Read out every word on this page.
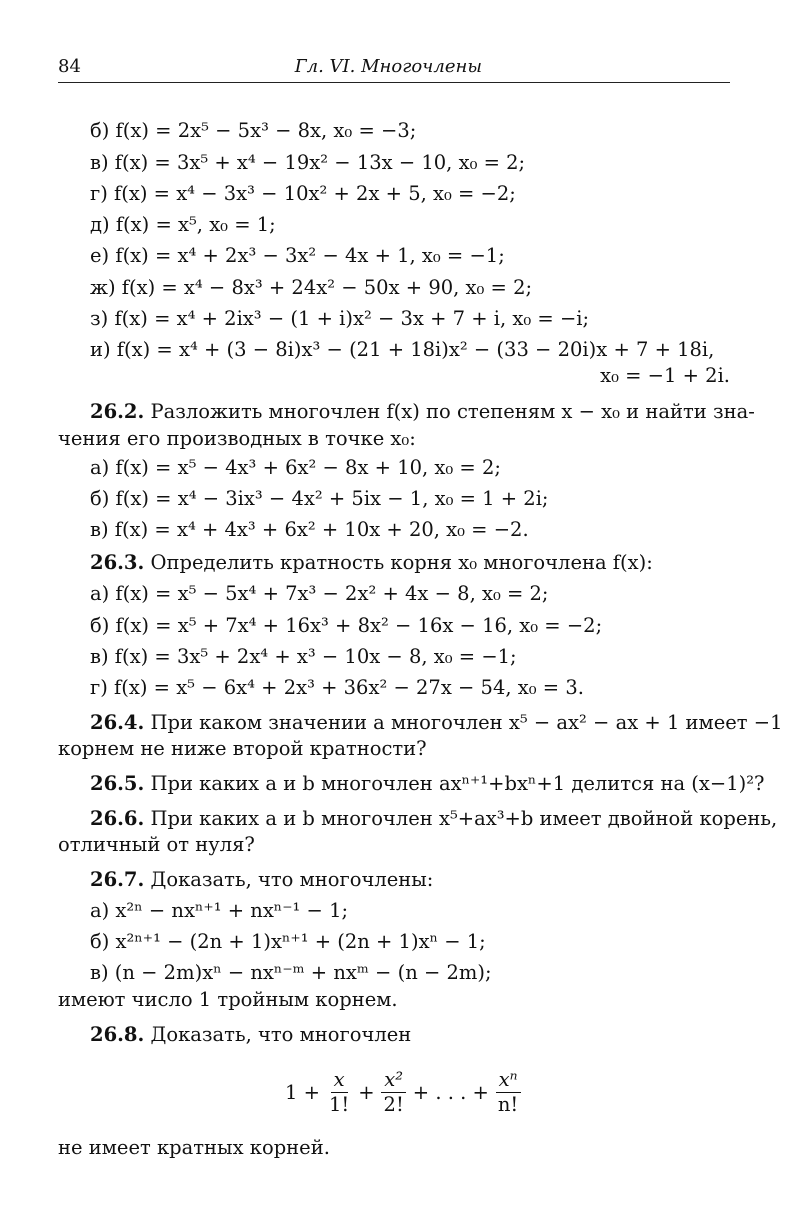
84	Гл. VI. Многочлены
б) f(x) = 2x⁵ − 5x³ − 8x, x₀ = −3;
в) f(x) = 3x⁵ + x⁴ − 19x² − 13x − 10, x₀ = 2;
г) f(x) = x⁴ − 3x³ − 10x² + 2x + 5, x₀ = −2;
д) f(x) = x⁵, x₀ = 1;
е) f(x) = x⁴ + 2x³ − 3x² − 4x + 1, x₀ = −1;
ж) f(x) = x⁴ − 8x³ + 24x² − 50x + 90, x₀ = 2;
з) f(x) = x⁴ + 2ix³ − (1 + i)x² − 3x + 7 + i, x₀ = −i;
и) f(x) = x⁴ + (3 − 8i)x³ − (21 + 18i)x² − (33 − 20i)x + 7 + 18i,
x₀ = −1 + 2i.
26.2. Разложить многочлен f(x) по степеням x − x₀ и найти зна-
чения его производных в точке x₀:
а) f(x) = x⁵ − 4x³ + 6x² − 8x + 10, x₀ = 2;
б) f(x) = x⁴ − 3ix³ − 4x² + 5ix − 1, x₀ = 1 + 2i;
в) f(x) = x⁴ + 4x³ + 6x² + 10x + 20, x₀ = −2.
26.3. Определить кратность корня x₀ многочлена f(x):
а) f(x) = x⁵ − 5x⁴ + 7x³ − 2x² + 4x − 8, x₀ = 2;
б) f(x) = x⁵ + 7x⁴ + 16x³ + 8x² − 16x − 16, x₀ = −2;
в) f(x) = 3x⁵ + 2x⁴ + x³ − 10x − 8, x₀ = −1;
г) f(x) = x⁵ − 6x⁴ + 2x³ + 36x² − 27x − 54, x₀ = 3.
26.4. При каком значении a многочлен x⁵ − ax² − ax + 1 имеет −1
корнем не ниже второй кратности?
26.5. При каких a и b многочлен axⁿ⁺¹+bxⁿ+1 делится на (x−1)²?
26.6. При каких a и b многочлен x⁵+ax³+b имеет двойной корень,
отличный от нуля?
26.7. Доказать, что многочлены:
а) x²ⁿ − nxⁿ⁺¹ + nxⁿ⁻¹ − 1;
б) x²ⁿ⁺¹ − (2n + 1)xⁿ⁺¹ + (2n + 1)xⁿ − 1;
в) (n − 2m)xⁿ − nxⁿ⁻ᵐ + nxᵐ − (n − 2m);
имеют число 1 тройным корнем.
26.8. Доказать, что многочлен
$1 + \frac{x}{1!} + \frac{\text{x²}}{2!}$ + . . . + $\frac{\text{xⁿ}}{n!}$
не имеет кратных корней.
